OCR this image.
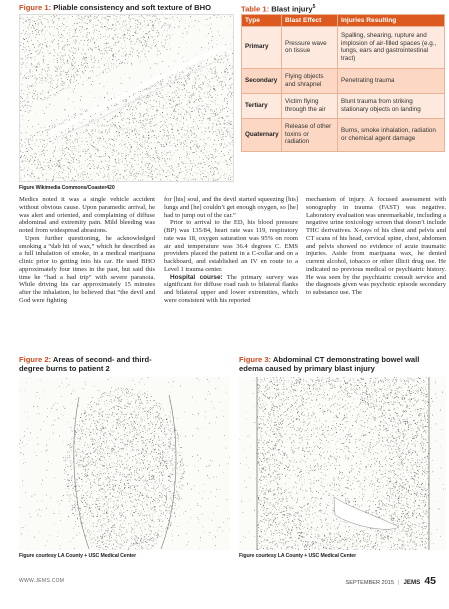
Figure 1: Pliable consistency and soft texture of BHO
Figure Wikimedia Commons/Coaster420
Table 1: Blast injury$^5$
Type	Blast Effect	Injuries Resulting
Primary	Pressure wave on tissue	Spalling, shearing, rupture and implosion of air-filled spaces (e.g., lungs, ears and gastrointestinal tract)
Secondary	Flying objects and shrapnel	Penetrating trauma
Tertiary	Victim flying through the air	Blunt trauma from striking stationary objects on landing
Quaternary	Release of other toxins or radiation	Burns, smoke inhalation, radiation or chemical agent damage

Medics noted it was a single vehicle accident without obvious cause. Upon paramedic arrival, he was alert and oriented, and complaining of diffuse abdominal and extremity pain. Mild bleeding was noted from widespread abrasions.

Upon further questioning, he acknowledged smoking a “dab hit of wax,” which he described as a full inhalation of smoke, in a medical marijuana clinic prior to getting into his car. He used BHO approximately four times in the past, but said this time he “had a bad trip” with severe paranoia. While driving his car approximately 15 minutes after the inhalation, he believed that “the devil and God were fighting

for [his] soul, and the devil started squeezing [his] lungs and [he] couldn’t get enough oxygen, so [he] had to jump out of the car.”

Prior to arrival to the ED, his blood pressure (BP) was 135/84, heart rate was 119, respiratory rate was 18, oxygen saturation was 95% on room air and temperature was 36.4 degrees C. EMS providers placed the patient in a C-collar and on a backboard, and established an IV en route to a Level 1 trauma center.

Hospital course: The primary survey was significant for diffuse road rash to bilateral flanks and bilateral upper and lower extremities, which were consistent with his reported

mechanism of injury. A focused assessment with sonography in trauma (FAST) was negative. Laboratory evaluation was unremarkable, including a negative urine toxicology screen that doesn’t include THC derivatives. X-rays of his chest and pelvis and CT scans of his head, cervical spine, chest, abdomen and pelvis showed no evidence of acute traumatic injuries. Aside from marijuana wax, he denied current alcohol, tobacco or other illicit drug use. He indicated no previous medical or psychiatric history. He was seen by the psychiatric consult service and the diagnosis given was psychotic episode secondary to substance use. The

Figure 2: Areas of second- and third-degree burns to patient 2
Figure courtesy LA County + USC Medical Center
Figure 3: Abdominal CT demonstrating bowel wall edema caused by primary blast injury
Figure courtesy LA County + USC Medical Center
WWW.JEMS.COM	SEPTEMBER 2015 | JEMS 45
